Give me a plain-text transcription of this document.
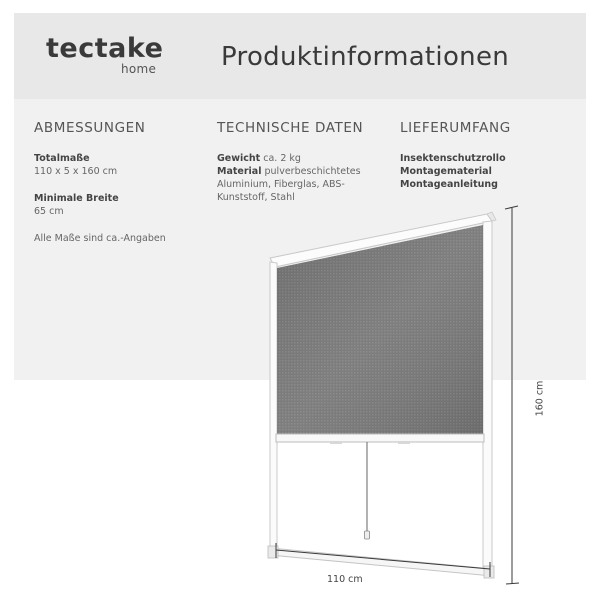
tectake
home Produktinformationen
ABMESSUNGEN
Totalmaße
110 x 5 x 160 cm
Minimale Breite
65 cm
Alle Maße sind ca.-Angaben
TECHNISCHE DATEN
Gewicht ca. 2 kg
Material pulverbeschichtetes
Aluminium, Fiberglas, ABS-
Kunststoff, Stahl
LIEFERUMFANG
Insektenschutzrollo
Montagematerial
Montageanleitung
110 cm
160 cm
